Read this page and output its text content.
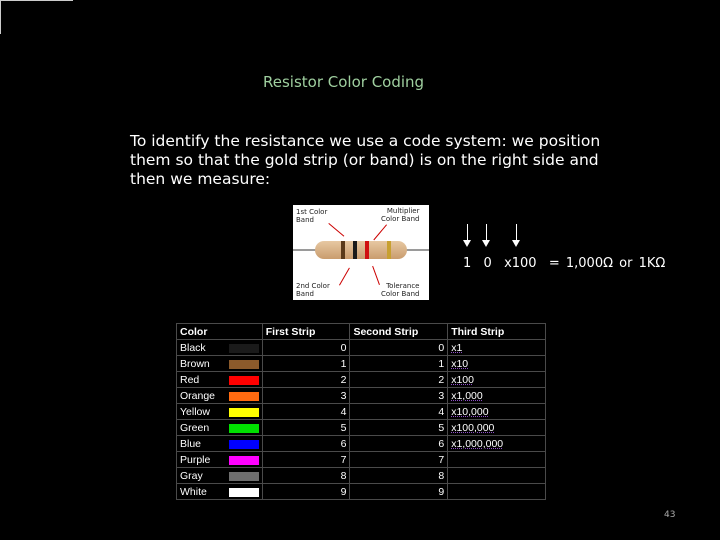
Resistor Color Coding
To identify the resistance we use a code system: we position them so that the gold strip (or band) is on the right side and then we measure:
1st Color
Band
Multiplier
Color Band
2nd Color
Band
Tolerance
Color Band
1  0  x100  = 1,000Ω or 1KΩ
Color	First Strip	Second Strip	Third Strip
Black	0	0	x1
Brown	1	1	x10
Red	2	2	x100
Orange	3	3	x1,000
Yellow	4	4	x10,000
Green	5	5	x100,000
Blue	6	6	x1,000,000
Purple	7	7	
Gray	8	8	
White	9	9	
43
